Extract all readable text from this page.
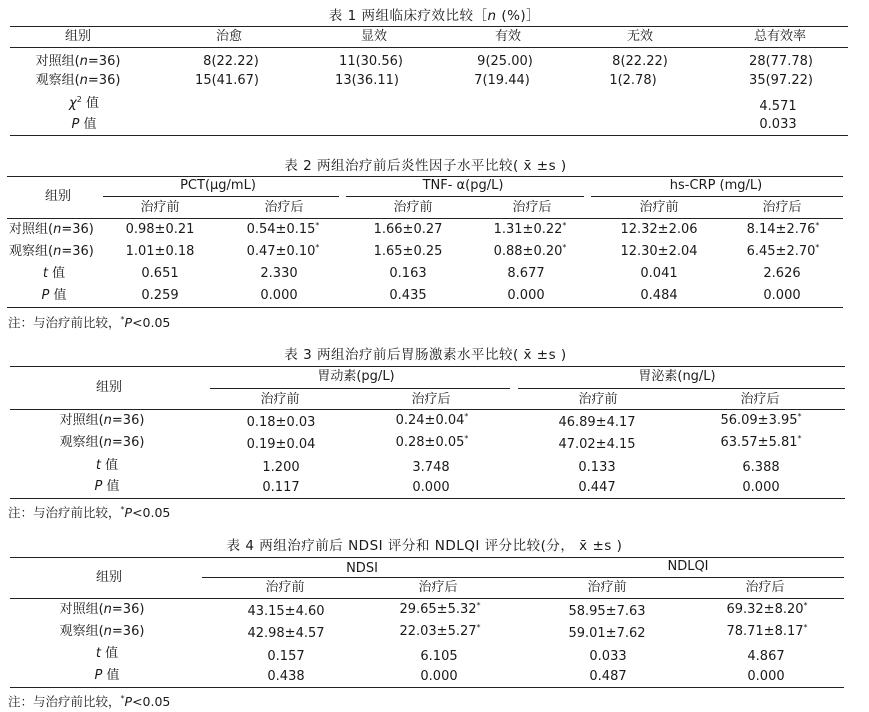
表 1 两组临床疗效比较［n (%)］
组别	治愈	显效	有效	无效	总有效率
对照组(n=36)	8(22.22)	11(30.56)	9(25.00)	8(22.22)	28(77.78)
观察组(n=36)	15(41.67)	13(36.11)	7(19.44)	1(2.78)	35(97.22)
$\chi^2$ 值	4.571
P 值	0.033
表 2 两组治疗前后炎性因子水平比较( x̄ ±s )
组别
PCT(μg/mL)	TNF- α(pg/L)	hs-CRP (mg/L)
治疗前	治疗后	治疗前	治疗后	治疗前	治疗后
对照组(n=36) 0.98±0.21	0.54±0.15*	1.66±0.27	1.31±0.22*	12.32±2.06	8.14±2.76*
观察组(n=36) 1.01±0.18	0.47±0.10*	1.65±0.25	0.88±0.20*	12.30±2.04	6.45±2.70*
t 值	0.651	2.330	0.163	8.677	0.041	2.626
P 值	0.259	0.000	0.435	0.000	0.484	0.000
注：与治疗前比较，*P<0.05
表 3 两组治疗前后胃肠激素水平比较( x̄ ±s )
组别
胃动素(pg/L)	胃泌素(ng/L)
治疗前	治疗后	治疗前	治疗后
对照组(n=36)	0.18±0.03	0.24±0.04*	46.89±4.17	56.09±3.95*
观察组(n=36)	0.19±0.04	0.28±0.05*	47.02±4.15	63.57±5.81*
t 值	1.200	3.748	0.133	6.388
P 值	0.117	0.000	0.447	0.000
注：与治疗前比较，*P<0.05
表 4 两组治疗前后 NDSI 评分和 NDLQI 评分比较(分， x̄ ±s )
组别
NDSI	NDLQI
治疗前	治疗后	治疗前	治疗后
对照组(n=36)	43.15±4.60	29.65±5.32*	58.95±7.63	69.32±8.20*
观察组(n=36)	42.98±4.57	22.03±5.27*	59.01±7.62	78.71±8.17*
t 值	0.157	6.105	0.033	4.867
P 值	0.438	0.000	0.487	0.000
注：与治疗前比较，*P<0.05
